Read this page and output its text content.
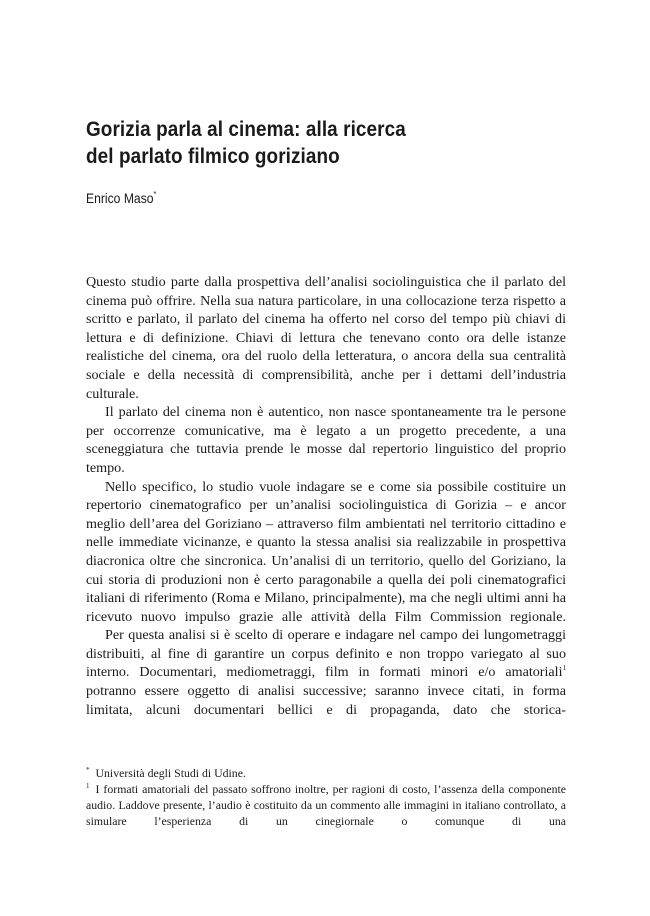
Gorizia parla al cinema: alla ricerca
del parlato filmico goriziano
Enrico Maso*

Questo studio parte dalla prospettiva dell’analisi sociolinguistica che il parlato del cinema può offrire. Nella sua natura particolare, in una collocazione terza rispetto a scritto e parlato, il parlato del cinema ha offerto nel corso del tempo più chiavi di lettura e di definizione. Chiavi di lettura che tenevano conto ora delle istanze realistiche del cinema, ora del ruolo della letteratura, o ancora della sua centralità sociale e della necessità di comprensibilità, anche per i dettami dell’industria culturale.

Il parlato del cinema non è autentico, non nasce spontaneamente tra le persone per occorrenze comunicative, ma è legato a un progetto precedente, a una sceneggiatura che tuttavia prende le mosse dal repertorio linguistico del proprio tempo.

Nello specifico, lo studio vuole indagare se e come sia possibile costituire un repertorio cinematografico per un’analisi sociolinguistica di Gorizia – e ancor meglio dell’area del Goriziano – attraverso film ambientati nel territorio cittadino e nelle immediate vicinanze, e quanto la stessa analisi sia realizzabile in prospettiva diacronica oltre che sincronica. Un’analisi di un territorio, quello del Goriziano, la cui storia di produzioni non è certo paragonabile a quella dei poli cinematografici italiani di riferimento (Roma e Milano, principalmente), ma che negli ultimi anni ha ricevuto nuovo impulso grazie alle attività della Film Commission regionale.

Per questa analisi si è scelto di operare e indagare nel campo dei lungometraggi distribuiti, al fine di garantire un corpus definito e non troppo variegato al suo interno. Documentari, mediometraggi, film in formati minori e/o amatoriali$^1$ potranno essere oggetto di analisi successive; saranno invece citati, in forma limitata, alcuni documentari bellici e di propaganda, dato che storica-

* Università degli Studi di Udine.

$^1$ I formati amatoriali del passato soffrono inoltre, per ragioni di costo, l’assenza della componente audio. Laddove presente, l’audio è costituito da un commento alle immagini in italiano controllato, a simulare l’esperienza di un cinegiornale o comunque di una
